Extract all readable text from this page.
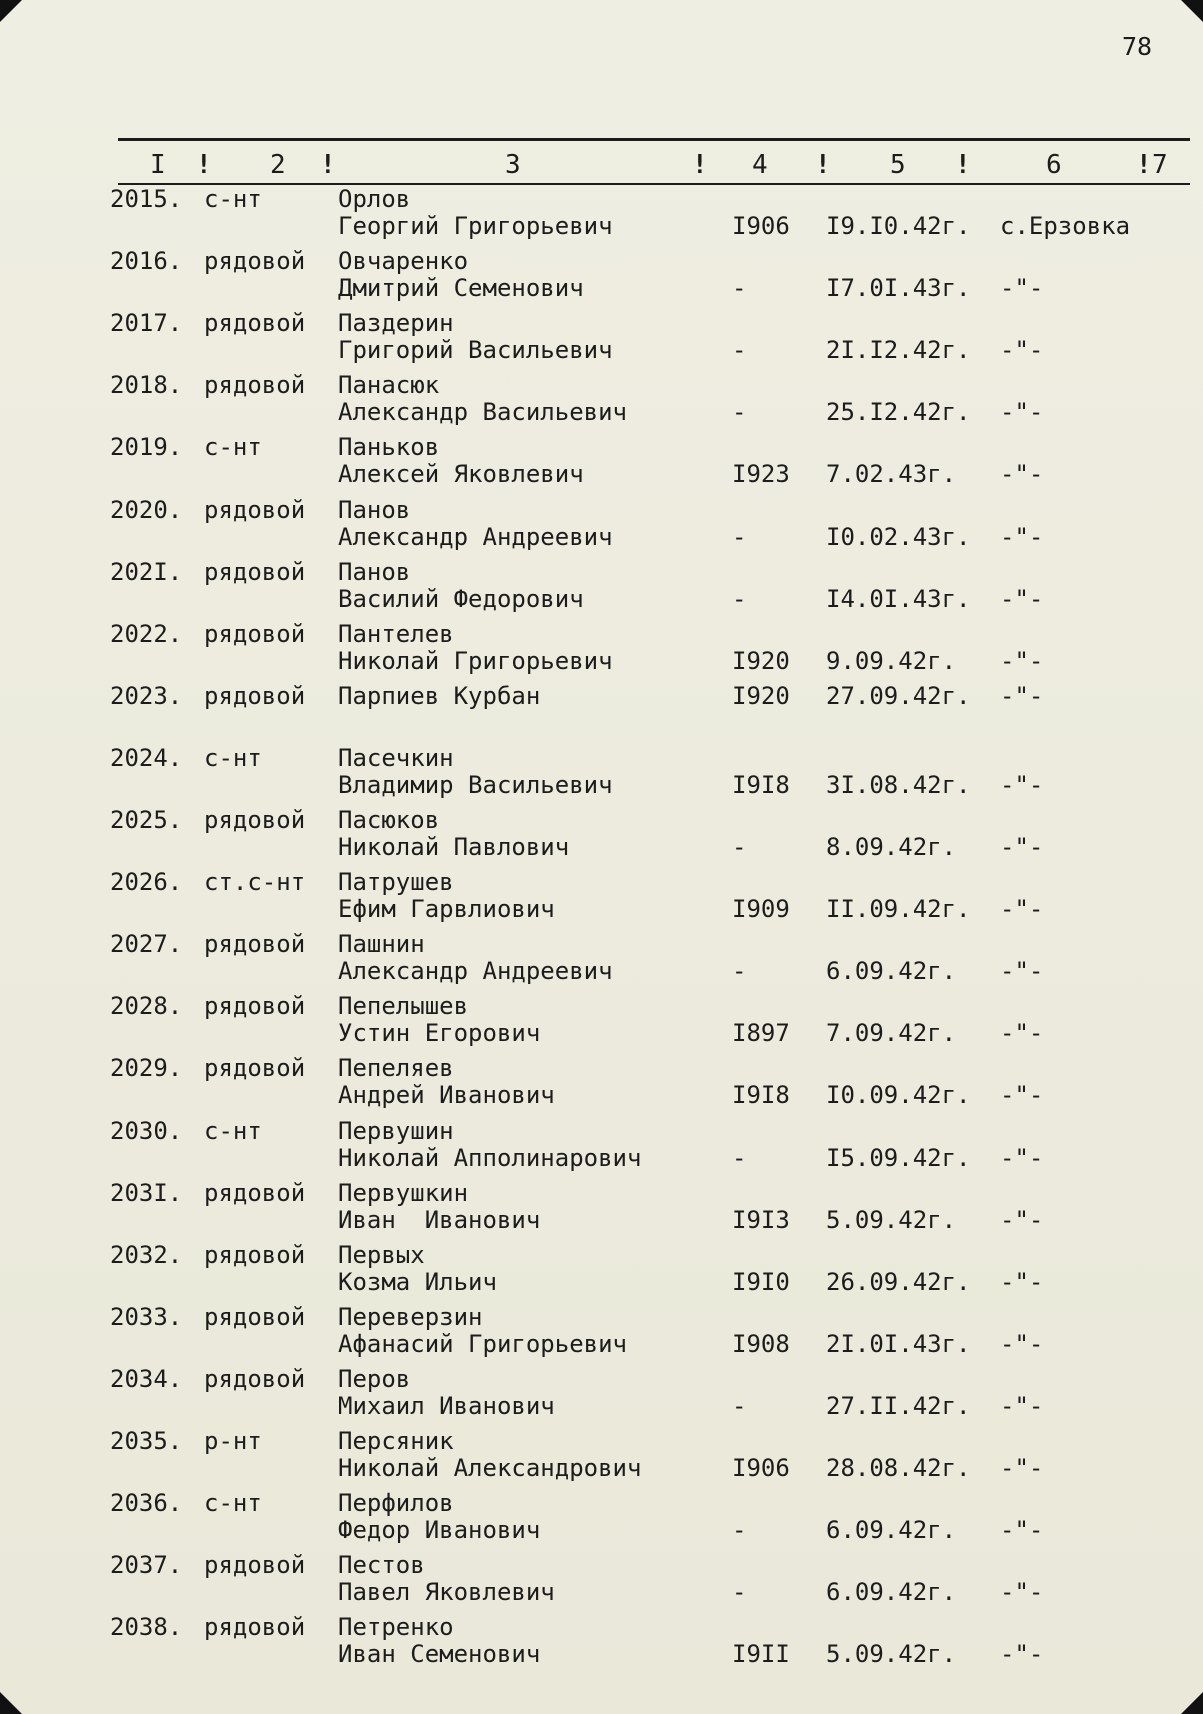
78
I ! 2 !	3	! 4 ! 5 !	6	! 7
2015. с-нт	Орлов
Георгий Григорьевич	I906 I9.I0.42г. с.Ерзовка
2016. рядовой Овчаренко
Дмитрий Семенович	-	I7.0I.43г. -"-
2017. рядовой Паздерин
Григорий Васильевич	-	2I.I2.42г. -"-
2018. рядовой Панасюк
Александр Васильевич	-	25.I2.42г. -"-
2019. с-нт	Паньков
Алексей Яковлевич	I923 7.02.43г. -"-
2020. рядовой Панов
Александр Андреевич	-	I0.02.43г. -"-
202I. рядовой Панов
Василий Федорович	-	I4.0I.43г. -"-
2022. рядовой Пантелев
Николай Григорьевич	I920 9.09.42г. -"-
2023. рядовой Парпиев Курбан	I920 27.09.42г. -"-
2024. с-нт	Пасечкин
Владимир Васильевич	I9I8 3I.08.42г. -"-
2025. рядовой Пасюков
Николай Павлович	-	8.09.42г. -"-
2026. ст.с-нт Патрушев
Ефим Гарвлиович	I909 II.09.42г. -"-
2027. рядовой Пашнин
Александр Андреевич	-	6.09.42г. -"-
2028. рядовой Пепелышев
Устин Егорович	I897 7.09.42г. -"-
2029. рядовой Пепеляев
Андрей Иванович	I9I8 I0.09.42г. -"-
2030. с-нт	Первушин
Николай Апполинарович	-	I5.09.42г. -"-
203I. рядовой Первушкин
Иван  Иванович	I9I3 5.09.42г. -"-
2032. рядовой Первых
Козма Ильич	I9I0 26.09.42г. -"-
2033. рядовой Переверзин
Афанасий Григорьевич	I908 2I.0I.43г. -"-
2034. рядовой Перов
Михаил Иванович	-	27.II.42г. -"-
2035. р-нт	Персяник
Николай Александрович	I906 28.08.42г. -"-
2036. с-нт	Перфилов
Федор Иванович	-	6.09.42г. -"-
2037. рядовой Пестов
Павел Яковлевич	-	6.09.42г. -"-
2038. рядовой Петренко
Иван Семенович	I9II 5.09.42г. -"-
